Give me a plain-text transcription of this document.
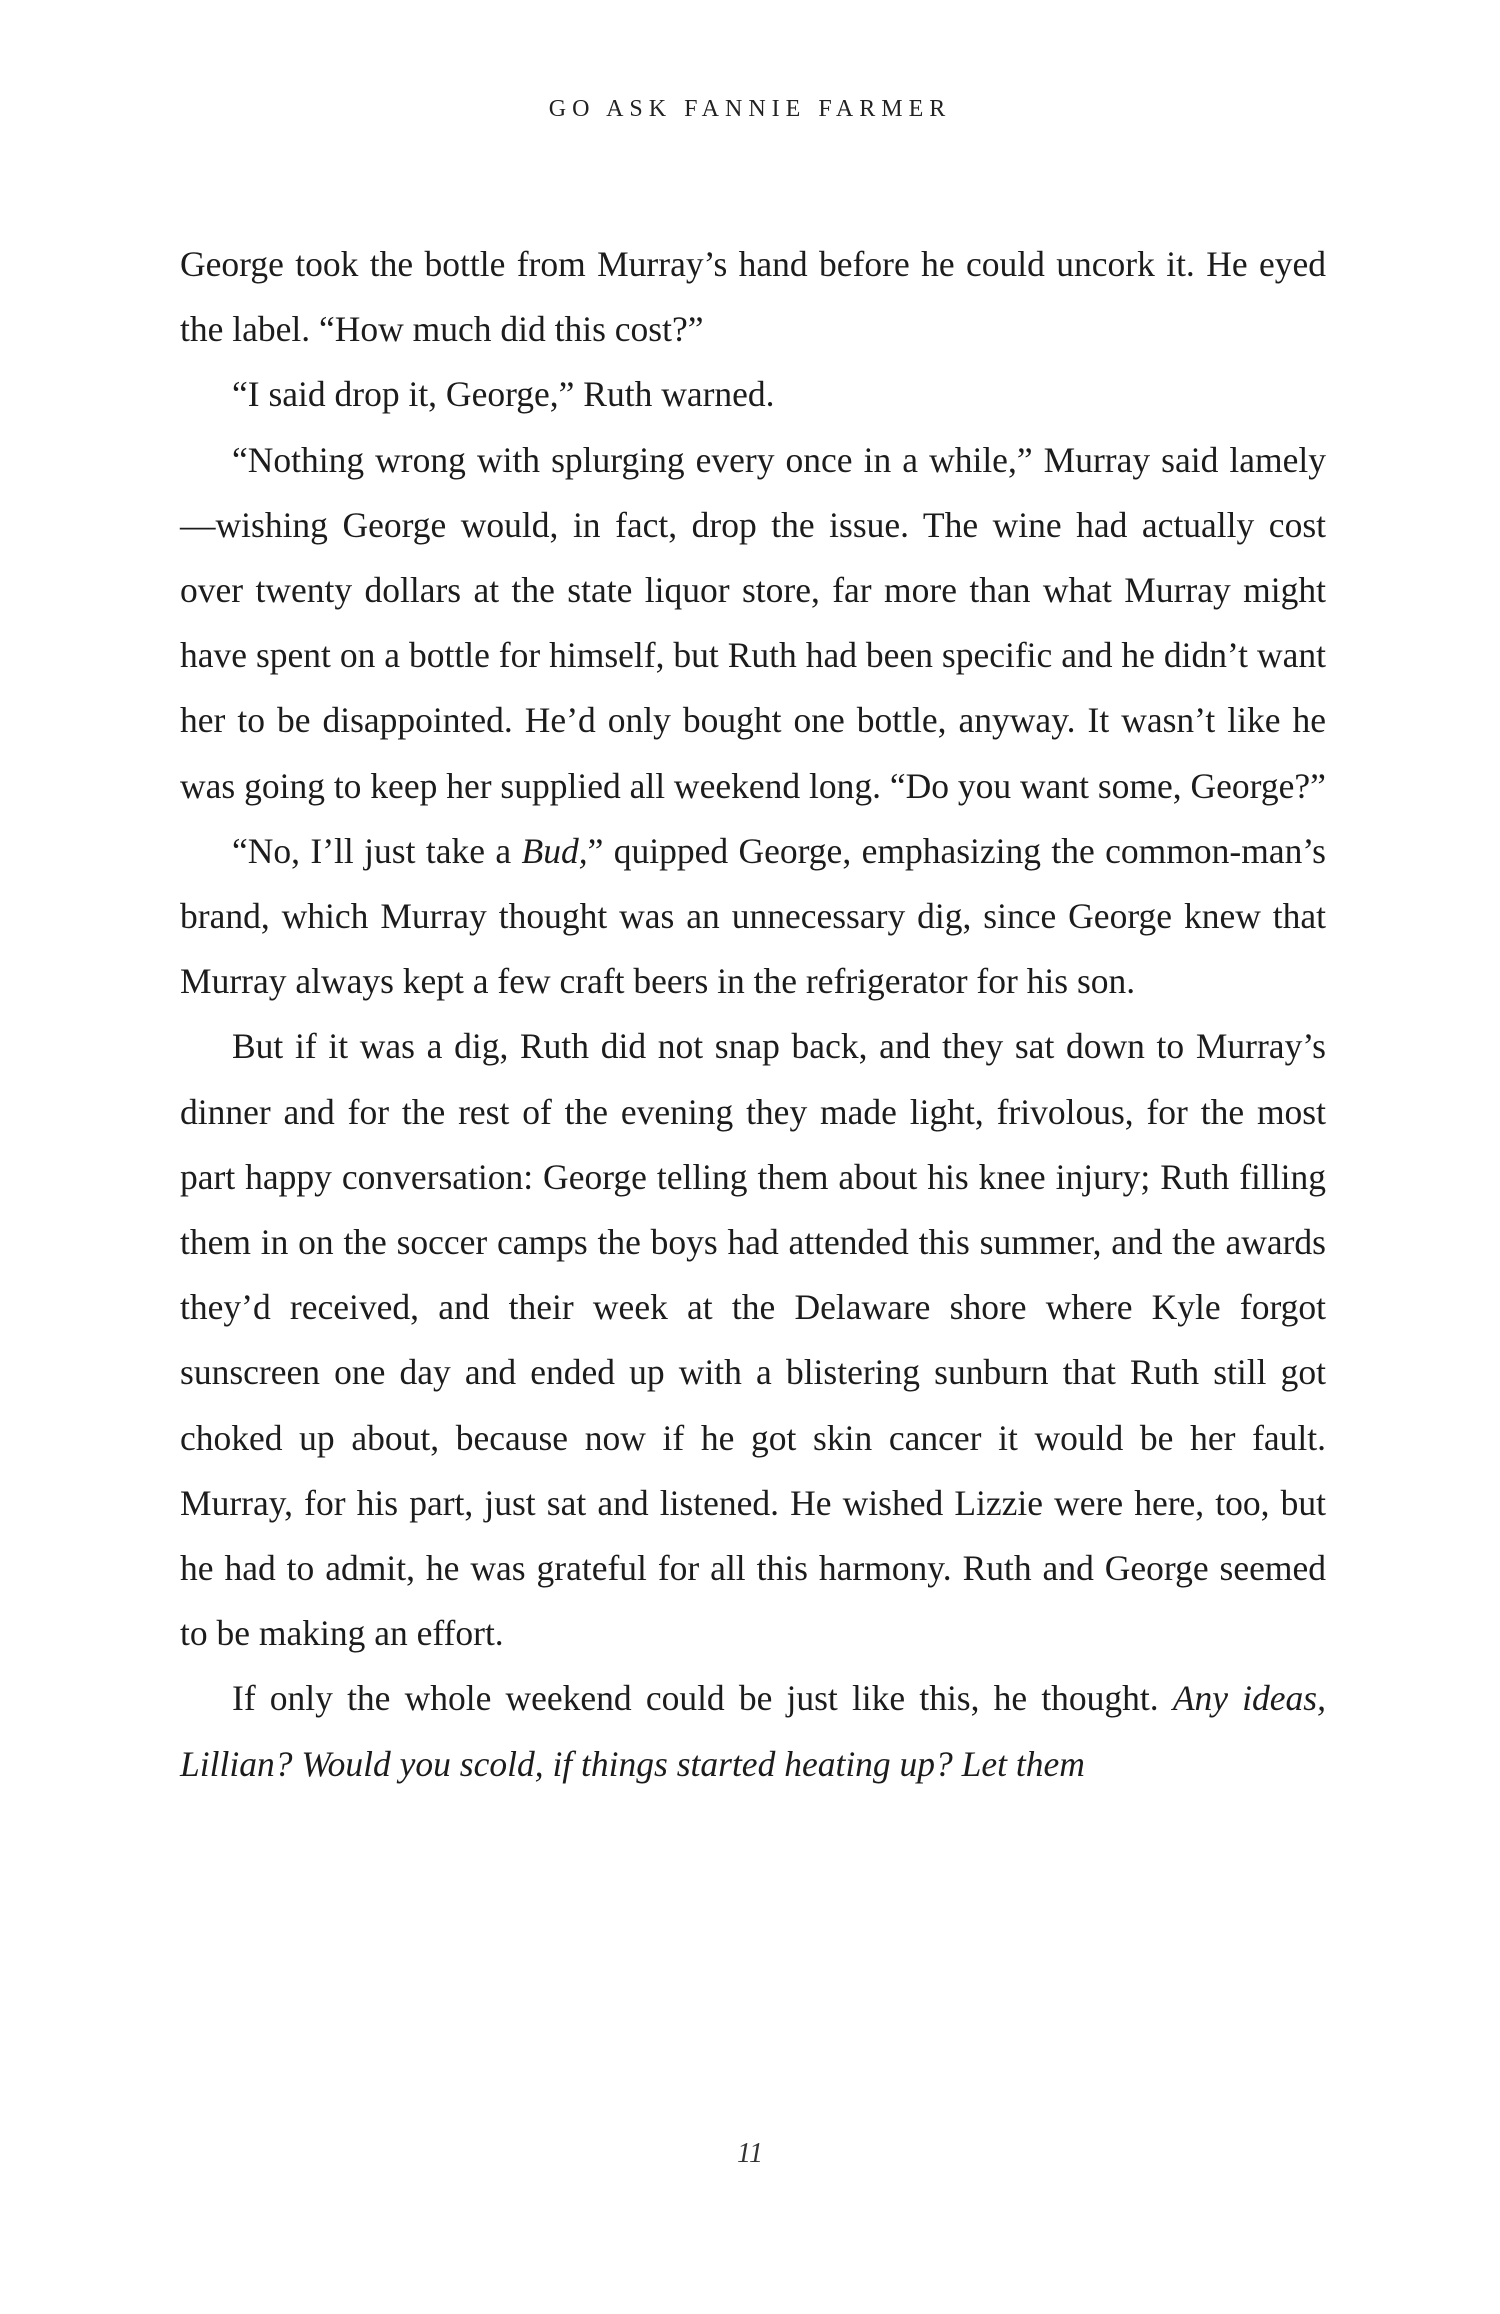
GO ASK FANNIE FARMER

George took the bottle from Murray’s hand before he could uncork it. He eyed the label. “How much did this cost?”

“I said drop it, George,” Ruth warned.

“Nothing wrong with splurging every once in a while,” Murray said lamely—wishing George would, in fact, drop the issue. The wine had actually cost over twenty dollars at the state liquor store, far more than what Murray might have spent on a bottle for himself, but Ruth had been specific and he didn’t want her to be disappointed. He’d only bought one bottle, anyway. It wasn’t like he was going to keep her supplied all weekend long. “Do you want some, George?”

“No, I’ll just take a Bud,” quipped George, emphasizing the common-man’s brand, which Murray thought was an unnecessary dig, since George knew that Murray always kept a few craft beers in the refrigerator for his son.

But if it was a dig, Ruth did not snap back, and they sat down to Murray’s dinner and for the rest of the evening they made light, frivolous, for the most part happy conversation: George telling them about his knee injury; Ruth filling them in on the soccer camps the boys had attended this summer, and the awards they’d received, and their week at the Delaware shore where Kyle forgot sunscreen one day and ended up with a blistering sunburn that Ruth still got choked up about, because now if he got skin cancer it would be her fault. Murray, for his part, just sat and listened. He wished Lizzie were here, too, but he had to admit, he was grateful for all this harmony. Ruth and George seemed to be making an effort.

If only the whole weekend could be just like this, he thought. Any ideas, Lillian? Would you scold, if things started heating up? Let them

11
